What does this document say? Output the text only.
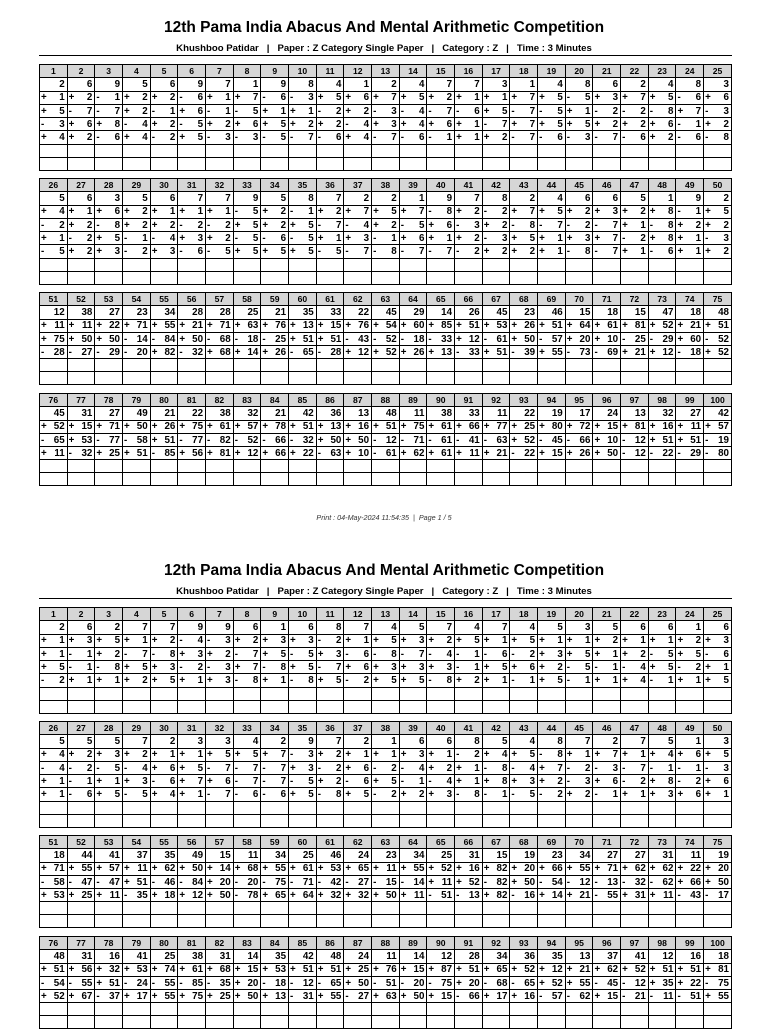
12th Pama India Abacus And Mental Arithmetic Competition
Khushboo Patidar   |   Paper : Z Category Single Paper   |   Category : Z   |   Time : 3 Minutes
1	2	3	4	5	6	7	8	9	10	11	12	13	14	15	16	17	18	19	20	21	22	23	24	25
2	6	9	5	6	9	7	1	9	8	4	1	2	4	7	7	3	1	4	8	6	2	4	8	3

+ 1	+ 2	- 1	+ 2	+ 2	- 6	+ 1	+ 7	- 6	- 3	+ 5	+ 6	+ 7	+ 5	+ 2	+ 1	+ 1	+ 7	+ 5	- 5	+ 3	+ 7	+ 5	- 6	+ 6

+ 5	- 7	- 7	+ 2	- 1	+ 6	- 1	- 5	+ 1	+ 1	- 2	+ 2	- 3	- 4	- 7	- 6	+ 5	- 7	- 5	+ 1	- 2	- 2	- 8	+ 7	- 3

- 3	+ 6	+ 8	- 4	+ 2	- 5	+ 2	+ 6	+ 5	+ 2	+ 2	- 4	+ 3	+ 4	+ 6	+ 1	- 7	+ 7	+ 5	+ 5	+ 2	+ 2	+ 6	- 1	+ 2

+ 4	+ 2	- 6	+ 4	- 2	+ 5	- 3	- 3	- 5	- 7	- 6	+ 4	- 7	- 6	- 1	+ 1	+ 2	- 7	- 6	- 3	- 7	- 6	+ 2	- 6	- 8

26	27	28	29	30	31	32	33	34	35	36	37	38	39	40	41	42	43	44	45	46	47	48	49	50
5	6	3	5	6	7	7	9	5	8	7	2	2	1	9	7	8	2	4	6	6	5	1	9	2

+ 4	+ 1	+ 6	+ 2	+ 1	+ 1	+ 1	- 5	+ 2	- 1	+ 2	+ 7	+ 5	+ 7	- 8	+ 2	- 2	+ 7	+ 5	+ 2	+ 3	+ 2	+ 8	- 1	+ 5

- 2	+ 2	- 8	+ 2	+ 2	- 2	- 2	+ 5	+ 2	+ 5	- 7	- 4	+ 2	- 5	+ 6	- 3	+ 2	- 8	- 7	- 2	- 7	+ 1	- 8	+ 2	+ 2

+ 1	- 2	+ 5	- 1	- 4	+ 3	+ 2	- 5	- 6	- 5	+ 1	+ 3	- 1	+ 6	+ 1	+ 2	- 3	+ 5	+ 1	+ 3	+ 7	- 2	+ 8	+ 1	- 3

- 5	+ 2	+ 3	- 2	+ 3	- 6	- 5	+ 5	+ 5	+ 5	- 5	- 7	- 8	- 7	- 7	- 2	+ 2	+ 2	+ 1	- 8	- 7	+ 1	- 6	+ 1	+ 2

51	52	53	54	55	56	57	58	59	60	61	62	63	64	65	66	67	68	69	70	71	72	73	74	75
12	38	27	23	34	28	28	25	21	35	33	22	45	29	14	26	45	23	46	15	18	15	47	18	48

+ 11	+ 11	+ 22	+ 71	+ 55	+ 21	+ 71	+ 63	+ 76	+ 13	+ 15	+ 76	+ 54	+ 60	+ 85	+ 51	+ 53	+ 26	+ 51	+ 64	+ 61	+ 81	+ 52	+ 21	+ 51

+ 75	+ 50	+ 50	- 14	- 84	+ 50	- 68	- 18	- 25	+ 51	+ 51	- 43	- 52	- 18	- 33	+ 12	- 61	+ 50	- 57	+ 20	+ 10	- 25	- 29	+ 60	- 52

- 28	- 27	- 29	- 20	+ 82	- 32	+ 68	+ 14	+ 26	- 65	- 28	+ 12	+ 52	+ 26	+ 13	- 33	+ 51	- 39	+ 55	- 73	- 69	+ 21	+ 12	- 18	+ 52

76	77	78	79	80	81	82	83	84	85	86	87	88	89	90	91	92	93	94	95	96	97	98	99	100
45	31	27	49	21	22	38	32	21	42	36	13	48	11	38	33	11	22	19	17	24	13	32	27	42

+ 52	+ 15	+ 71	+ 50	+ 26	+ 75	+ 61	+ 57	+ 78	+ 51	+ 13	+ 16	+ 51	+ 75	+ 61	+ 66	+ 77	+ 25	+ 80	+ 72	+ 15	+ 81	+ 16	+ 11	+ 57

- 65	+ 53	- 77	- 58	+ 51	- 77	- 82	- 52	- 66	- 32	+ 50	+ 50	- 12	- 71	- 61	- 41	- 63	+ 52	- 45	- 66	+ 10	- 12	+ 51	+ 51	- 19

+ 11	- 32	+ 25	+ 51	- 85	+ 56	+ 81	+ 12	+ 66	+ 22	- 63	+ 10	- 61	+ 62	+ 61	+ 11	+ 21	- 22	+ 15	+ 26	+ 50	- 12	- 22	- 29	- 80

Print : 04-May-2024 11:54:35  |  Page 1 / 5
12th Pama India Abacus And Mental Arithmetic Competition
Khushboo Patidar   |   Paper : Z Category Single Paper   |   Category : Z   |   Time : 3 Minutes
1	2	3	4	5	6	7	8	9	10	11	12	13	14	15	16	17	18	19	20	21	22	23	24	25
2	6	2	7	7	9	9	6	1	6	8	7	4	5	7	4	7	4	5	3	5	6	6	1	6

+ 1	+ 3	+ 5	+ 1	+ 2	- 4	- 3	+ 2	+ 3	+ 3	- 2	+ 1	+ 5	+ 3	+ 2	+ 5	+ 1	+ 5	+ 1	+ 1	+ 2	+ 1	+ 1	+ 2	+ 3

+ 1	- 1	+ 2	- 7	- 8	+ 3	+ 2	- 7	+ 5	- 5	+ 3	- 6	- 8	- 7	- 4	- 1	- 6	- 2	+ 3	+ 5	+ 1	+ 2	- 5	+ 5	- 6

+ 5	- 1	- 8	+ 5	+ 3	- 2	- 3	+ 7	- 8	+ 5	- 7	+ 6	+ 3	+ 3	+ 3	- 1	+ 5	+ 6	+ 2	- 5	- 1	- 4	+ 5	- 2	+ 1

- 2	+ 1	+ 1	+ 2	+ 5	+ 1	+ 3	- 8	+ 1	- 8	+ 5	- 2	+ 5	+ 5	- 8	+ 2	+ 1	- 1	+ 5	- 1	+ 1	+ 4	- 1	+ 1	+ 5

26	27	28	29	30	31	32	33	34	35	36	37	38	39	40	41	42	43	44	45	46	47	48	49	50
5	5	5	7	2	3	3	4	2	9	7	2	1	6	6	8	5	4	8	7	2	7	5	1	3

+ 4	+ 2	+ 3	+ 2	+ 1	+ 1	+ 5	+ 5	+ 7	- 3	+ 2	+ 1	+ 1	+ 3	+ 1	- 2	+ 4	+ 5	- 8	+ 1	+ 7	+ 1	+ 4	+ 6	+ 5

- 4	- 2	- 5	- 4	+ 6	+ 5	- 7	- 7	- 7	+ 3	- 2	+ 6	- 2	- 4	+ 2	+ 1	- 8	- 4	+ 7	- 2	- 3	- 7	- 1	- 1	- 3

+ 1	- 1	+ 1	+ 3	- 6	+ 7	+ 6	- 7	- 7	- 5	+ 2	- 6	+ 5	- 1	- 4	+ 1	+ 8	+ 3	+ 2	- 3	+ 6	- 2	+ 8	- 2	+ 6

+ 1	- 6	+ 5	- 5	+ 4	+ 1	- 7	- 6	- 6	+ 5	- 8	+ 5	- 2	+ 2	+ 3	- 8	- 1	- 5	- 2	+ 2	- 1	+ 1	+ 3	+ 6	+ 1

51	52	53	54	55	56	57	58	59	60	61	62	63	64	65	66	67	68	69	70	71	72	73	74	75
18	44	41	37	35	49	15	11	34	25	46	24	23	34	25	31	15	19	23	34	27	27	31	11	19

+ 71	+ 55	+ 57	+ 11	+ 62	+ 50	+ 14	+ 68	+ 55	+ 61	+ 53	+ 65	+ 11	+ 55	+ 52	+ 16	+ 82	+ 20	+ 66	+ 55	+ 71	+ 62	+ 62	+ 22	+ 20

- 58	- 47	- 47	+ 51	- 46	- 84	+ 20	- 20	- 75	- 71	- 42	- 27	- 15	- 14	+ 11	+ 52	- 82	+ 50	- 54	- 12	- 13	- 32	- 62	+ 66	+ 50

+ 53	+ 25	+ 11	- 35	+ 18	+ 12	+ 50	- 78	+ 65	+ 64	+ 32	+ 32	+ 50	+ 11	- 51	- 13	+ 82	- 16	+ 14	+ 21	- 55	+ 31	+ 11	- 43	- 17

76	77	78	79	80	81	82	83	84	85	86	87	88	89	90	91	92	93	94	95	96	97	98	99	100
48	31	16	41	25	38	31	14	35	42	48	24	11	14	12	28	34	36	35	13	37	41	12	16	18

+ 51	+ 56	+ 32	+ 53	+ 74	+ 61	+ 68	+ 15	+ 53	+ 51	+ 51	+ 25	+ 76	+ 15	+ 87	+ 51	+ 65	+ 52	+ 12	+ 21	+ 62	+ 52	+ 51	+ 51	+ 81

- 54	- 55	+ 51	- 24	- 55	- 85	- 35	+ 20	- 18	- 12	- 65	+ 50	- 51	- 20	- 75	+ 20	- 68	- 65	+ 52	+ 55	- 45	- 12	+ 35	+ 22	- 75

+ 52	+ 67	- 37	+ 17	+ 55	+ 75	+ 25	+ 50	+ 13	- 31	+ 55	- 27	+ 63	+ 50	+ 15	- 66	+ 17	+ 16	- 57	- 62	+ 15	- 21	- 11	- 51	+ 55
